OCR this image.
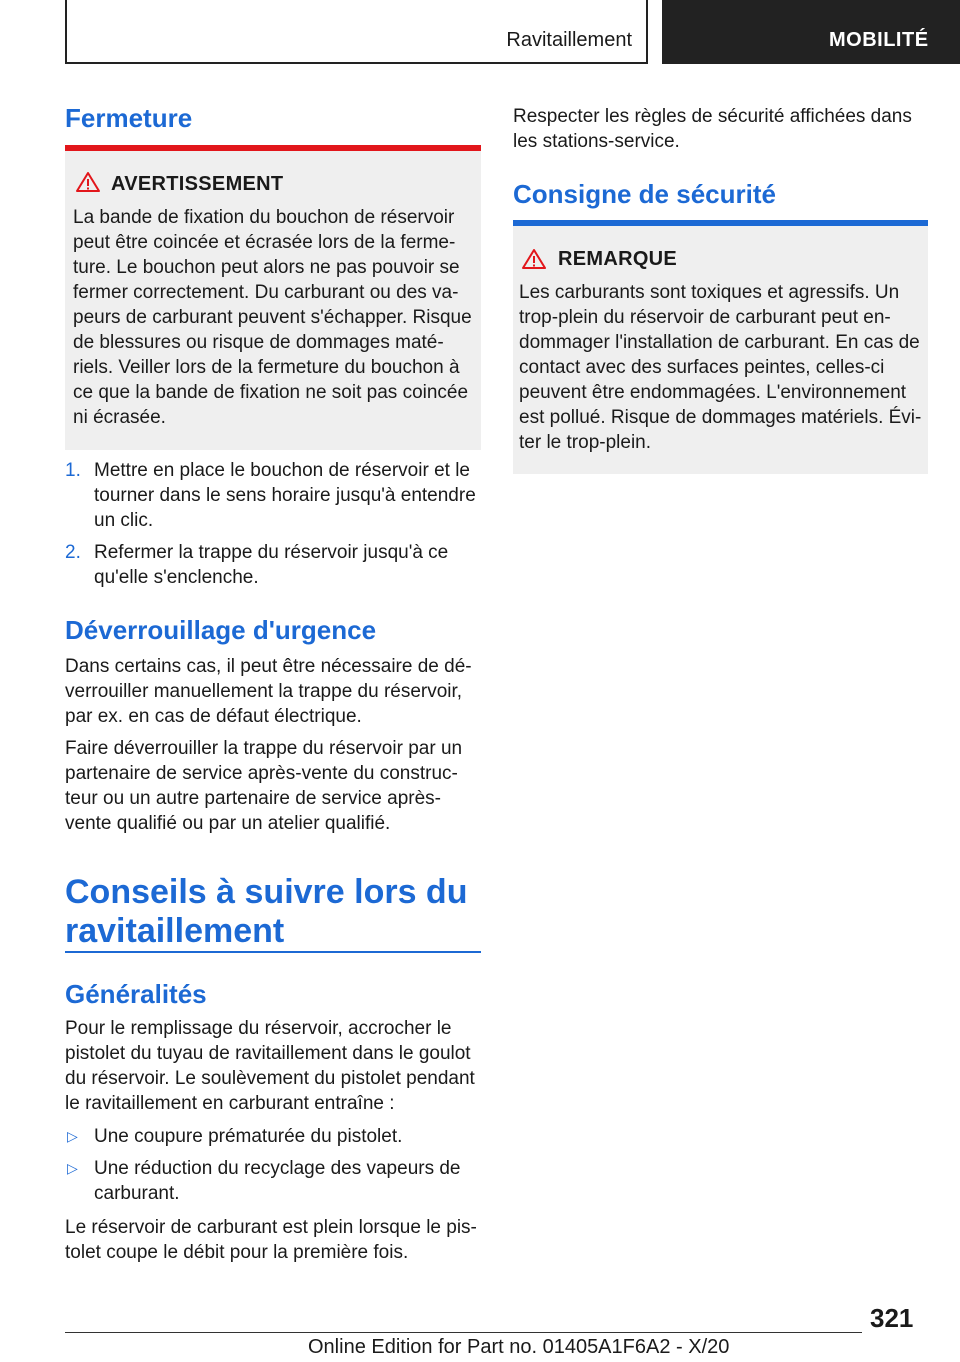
Ravitaillement	MOBILITÉ
Fermeture
AVERTISSEMENT
La bande de fixation du bouchon de réservoir
peut être coincée et écrasée lors de la ferme-
ture. Le bouchon peut alors ne pas pouvoir se
fermer correctement. Du carburant ou des va-
peurs de carburant peuvent s'échapper. Risque
de blessures ou risque de dommages maté-
riels. Veiller lors de la fermeture du bouchon à
ce que la bande de fixation ne soit pas coincée
ni écrasée.
1. Mettre en place le bouchon de réservoir et le
tourner dans le sens horaire jusqu'à entendre
un clic.
2. Refermer la trappe du réservoir jusqu'à ce
qu'elle s'enclenche.
Déverrouillage d'urgence
Dans certains cas, il peut être nécessaire de dé-
verrouiller manuellement la trappe du réservoir,
par ex. en cas de défaut électrique.
Faire déverrouiller la trappe du réservoir par un
partenaire de service après-vente du construc-
teur ou un autre partenaire de service après-
vente qualifié ou par un atelier qualifié.
Conseils à suivre lors du
ravitaillement
Généralités
Pour le remplissage du réservoir, accrocher le
pistolet du tuyau de ravitaillement dans le goulot
du réservoir. Le soulèvement du pistolet pendant
le ravitaillement en carburant entraîne :
▷ Une coupure prématurée du pistolet.
▷ Une réduction du recyclage des vapeurs de
carburant.
Le réservoir de carburant est plein lorsque le pis-
tolet coupe le débit pour la première fois.
Respecter les règles de sécurité affichées dans
les stations-service.
Consigne de sécurité
REMARQUE
Les carburants sont toxiques et agressifs. Un
trop-plein du réservoir de carburant peut en-
dommager l'installation de carburant. En cas de
contact avec des surfaces peintes, celles-ci
peuvent être endommagées. L'environnement
est pollué. Risque de dommages matériels. Évi-
ter le trop-plein.
321
Online Edition for Part no. 01405A1F6A2 - X/20
